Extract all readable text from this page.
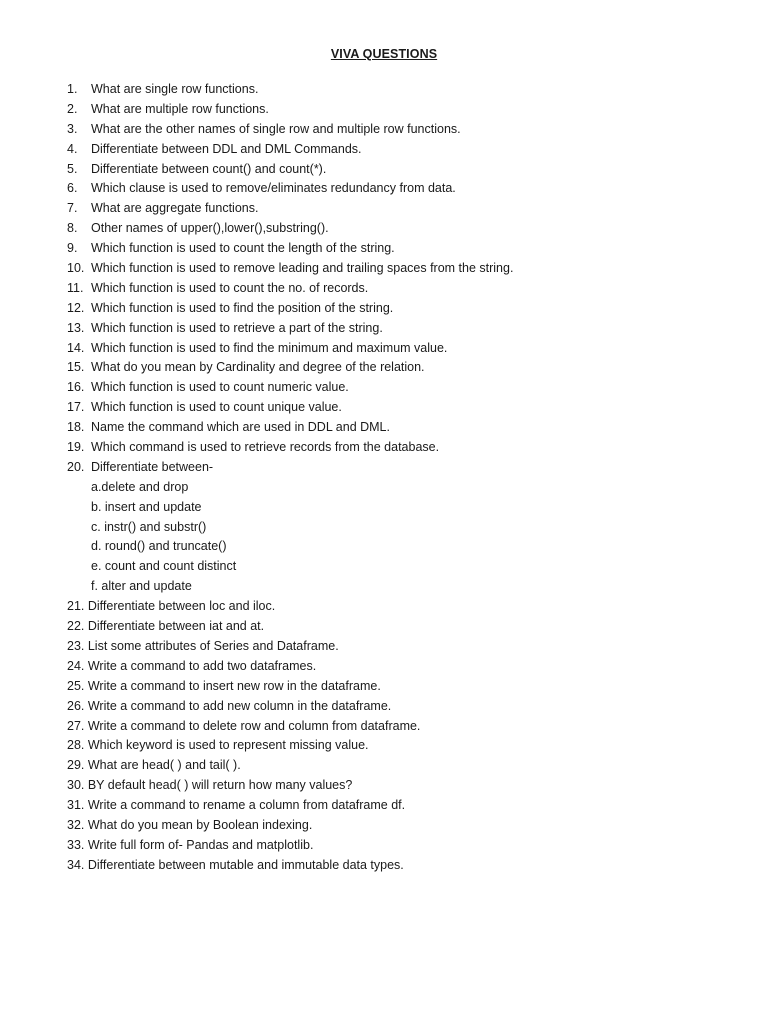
VIVA QUESTIONS
1. What are single row functions.
2. What are multiple row functions.
3. What are the other names of single row and multiple row functions.
4. Differentiate between DDL and DML Commands.
5. Differentiate between count() and count(*).
6. Which clause is used to remove/eliminates redundancy from data.
7. What are aggregate functions.
8. Other names of upper(),lower(),substring().
9. Which function is used to count the length of the string.
10. Which function is used to remove leading and trailing spaces from the string.
11. Which function is used to count the no. of records.
12. Which function is used to find the position of the string.
13. Which function is used to retrieve a part of the string.
14. Which function is used to find the minimum and maximum value.
15. What do you mean by Cardinality and degree of the relation.
16. Which function is used to count numeric value.
17. Which function is used to count unique value.
18. Name the command which are used in DDL and DML.
19. Which command is used to retrieve records from the database.
20. Differentiate between-
a.delete and drop
b. insert and update
c. instr() and substr()
d. round() and truncate()
e. count and count distinct
f. alter and update
21. Differentiate between loc and iloc.
22. Differentiate between iat and at.
23. List some attributes of Series and Dataframe.
24. Write a command to add two dataframes.
25. Write a command to insert new row in the dataframe.
26. Write a command to add new column in the dataframe.
27. Write a command to delete row and column from dataframe.
28. Which keyword is used to represent missing value.
29. What are head( ) and tail( ).
30. BY default head( ) will return how many values?
31. Write a command to rename a column from dataframe df.
32. What do you mean by Boolean indexing.
33. Write full form of- Pandas and matplotlib.
34. Differentiate between mutable and immutable data types.
